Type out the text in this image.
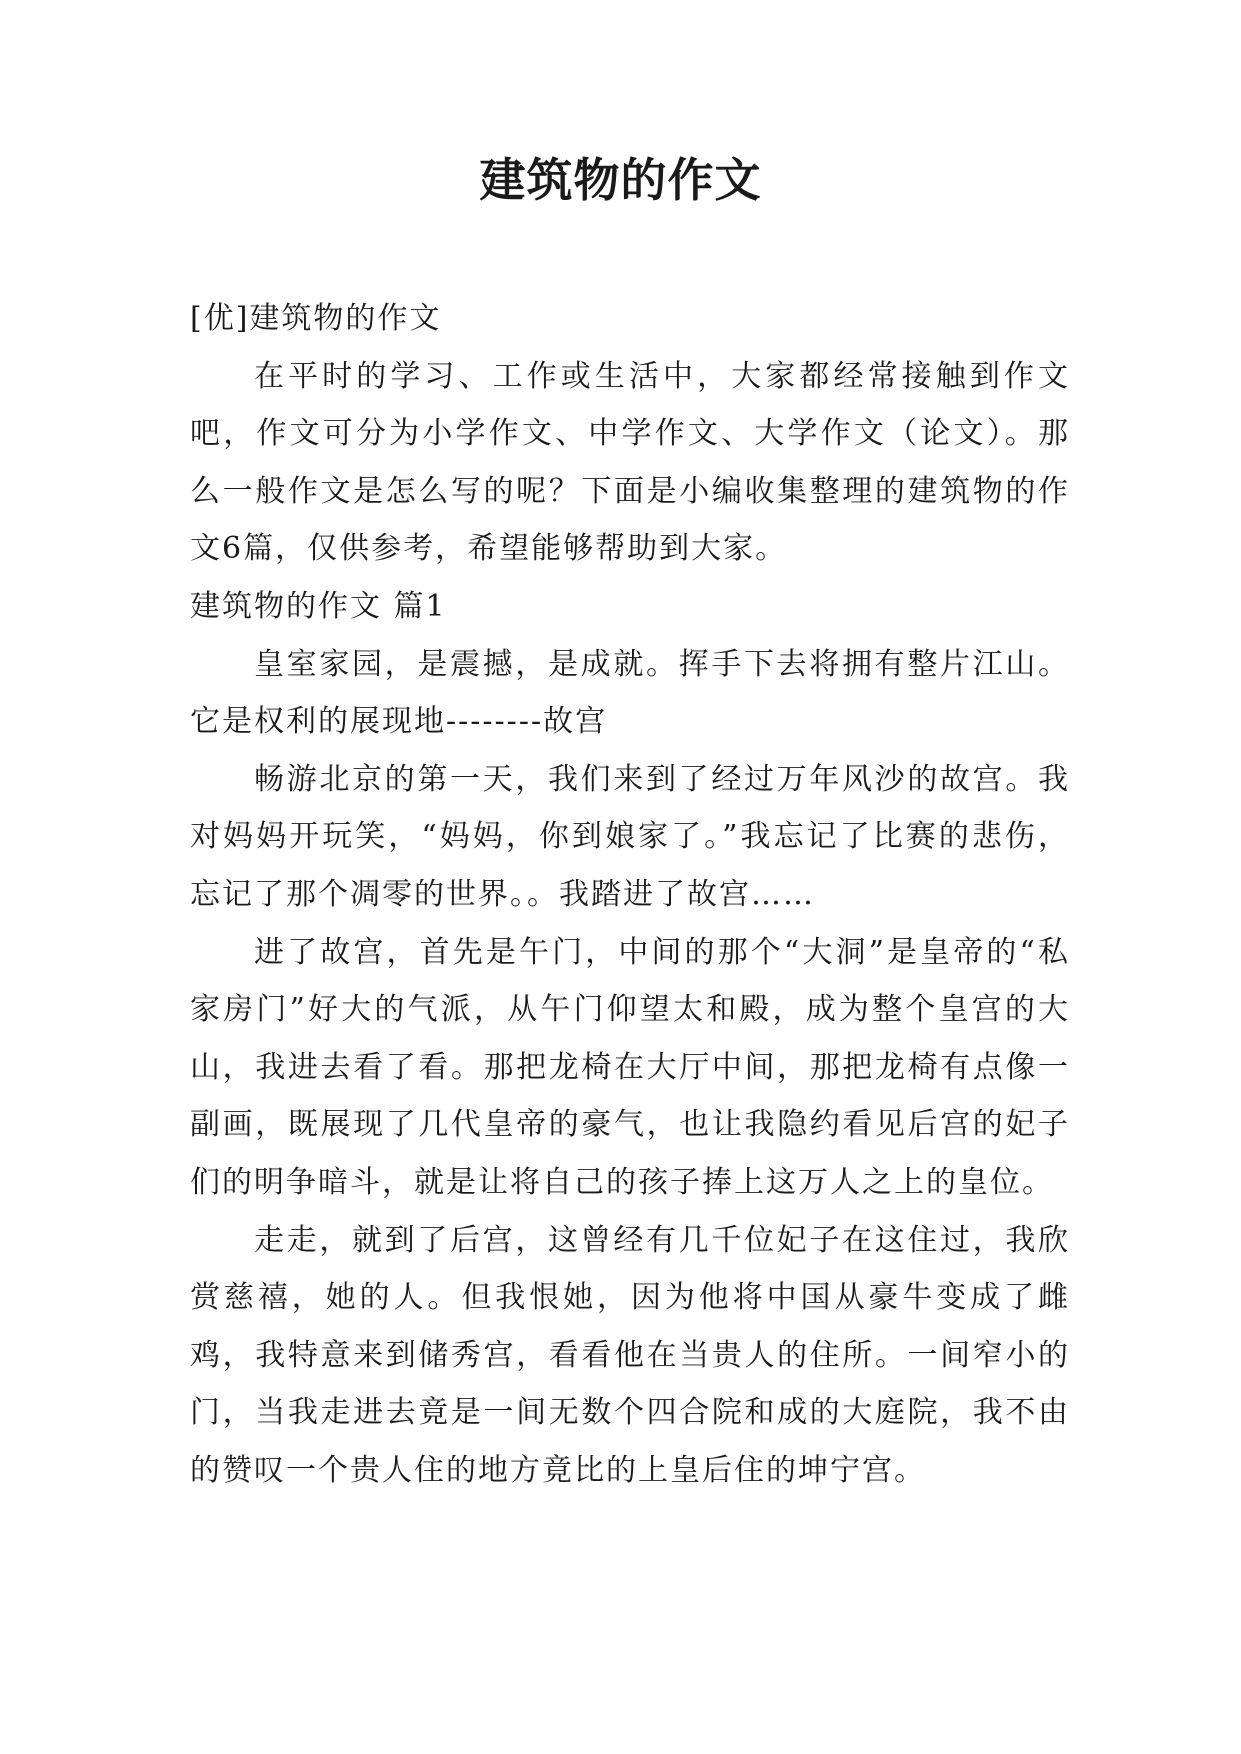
建筑物的作文

[优]建筑物的作文

在平时的学习、工作或生活中，大家都经常接触到作文吧，作文可分为小学作文、中学作文、大学作文（论文）。那么一般作文是怎么写的呢？下面是小编收集整理的建筑物的作文6篇，仅供参考，希望能够帮助到大家。

建筑物的作文 篇1

皇室家园，是震撼，是成就。挥手下去将拥有整片江山。它是权利的展现地--------故宫

畅游北京的第一天，我们来到了经过万年风沙的故宫。我对妈妈开玩笑，“妈妈，你到娘家了。”我忘记了比赛的悲伤，忘记了那个凋零的世界。。我踏进了故宫……

进了故宫，首先是午门，中间的那个“大洞”是皇帝的“私家房门”好大的气派，从午门仰望太和殿，成为整个皇宫的大山，我进去看了看。那把龙椅在大厅中间，那把龙椅有点像一副画，既展现了几代皇帝的豪气，也让我隐约看见后宫的妃子们的明争暗斗，就是让将自己的孩子捧上这万人之上的皇位。

走走，就到了后宫，这曾经有几千位妃子在这住过，我欣赏慈禧，她的人。但我恨她，因为他将中国从豪牛变成了雌鸡，我特意来到储秀宫，看看他在当贵人的住所。一间窄小的门，当我走进去竟是一间无数个四合院和成的大庭院，我不由的赞叹一个贵人住的地方竟比的上皇后住的坤宁宫。
